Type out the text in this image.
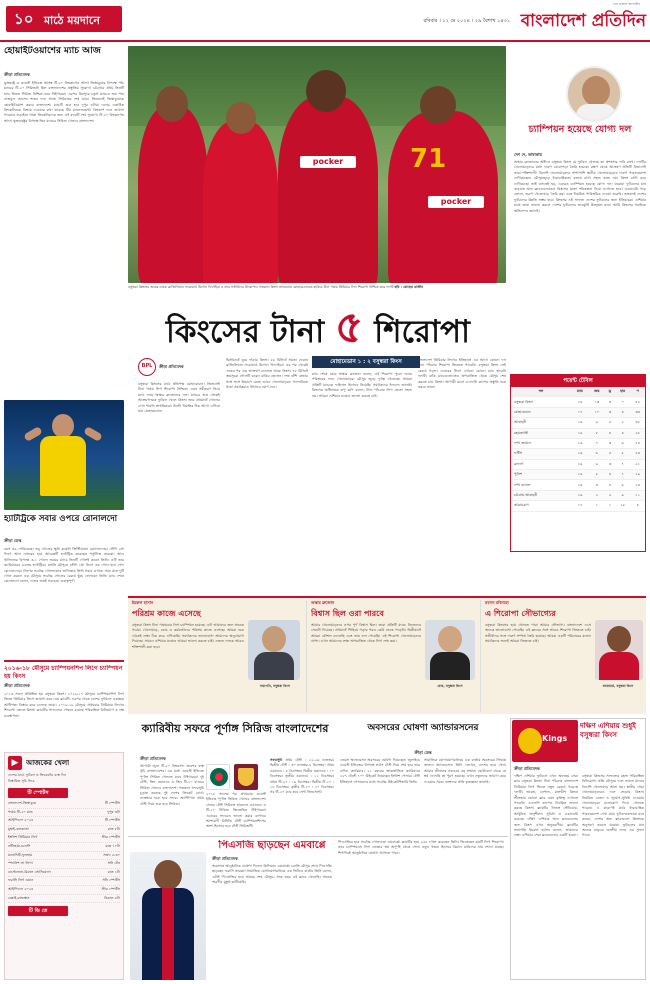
১০ মাঠে ময়দানে	রবিবার । ১২ মে ২০২৪ । ২৯ বৈশাখ ১৪৩১
সত্য প্রকাশে আপসহীন
বাংলাদেশ প্রতিদিন
হোয়াইটওয়াশের ম্যাচ আজ
ক্রীড়া প্রতিবেদক
যুক্তরাষ্ট্র ও ওয়েস্ট ইন্ডিজে আসন্ন টি-২০ বিশ্বকাপের আগে জিম্বাবুয়ের বিপক্ষে পাঁচ ম্যাচের টি-২০ সিরিজটা ছিল বাংলাদেশের প্রস্তুতির সুযোগ। চট্টগ্রামে প্রথম তিনটি ম্যাচ জিতে সিরিজ নিশ্চিত করে টাইগাররা। এরপর মিরপুরে চতুর্থ ম্যাচেও জয় পায় নাজমুল হোসেন শান্তর দল। আজ সিরিজের শেষ ম্যাচ। জিতলেই জিম্বাবুয়েকে হোয়াইটওয়াশ করবে বাংলাদেশ। ম্যাচটি শুরু হবে দুপুর ৩টায়। দলের একাধিক ক্রিকেটারকে বিশ্রাম দেওয়ার কথা ভাবছে টিম ম্যানেজমেন্ট। বিশ্বকাপ দলে জায়গা পাওয়ার লড়াইয়ে থাকা ক্রিকেটারদের জন্য এই ম্যাচটি শেষ সুযোগ। টি-২০ বিশ্বকাপের আগে যুক্তরাষ্ট্রের বিপক্ষে তিন ম্যাচের সিরিজ খেলবে বাংলাদেশ।
হ্যাটট্রিকে সবার ওপরে রোনালদো
ক্রীড়া ডেস্ক
বয়স ৩৯ পেরিয়েছে। তবু গোলের ক্ষুধা কমেনি ক্রিস্টিয়ানো রোনালদোর। সৌদি প্রো লিগে আল নাসরের হয়ে আরেকটি হ্যাটট্রিক করেছেন পর্তুগিজ তারকা। আল খালিজের বিপক্ষে ৩-১ গোলে জয়ের ম্যাচে তিনটি গোলই করেন তিনি। এটি তার ক্যারিয়ারের ৬৫তম হ্যাটট্রিক। চলতি মৌসুমে সৌদি প্রো লিগে ৩৩ গোল হয়ে গেল রোনালদোর। লিগের সর্বোচ্চ গোলদাতার তালিকায় তিনি সবার ওপরে। আর মাত্র দুটি গোল করলে এক মৌসুমে সর্বোচ্চ গোলের রেকর্ড ছুঁয়ে ফেলবেন তিনি। ম্যাচ শেষে রোনালদো বলেন, দলের জয়ই সবচেয়ে গুরুত্বপূর্ণ।
২০১৬-১৮ মৌসুমে চ্যাম্পিয়নশিপ লিগে চ্যাম্পিয়ন হয় কিংস
ক্রীড়া প্রতিবেদক
২০১৩ সালে প্রতিষ্ঠিত হয় বসুন্ধরা কিংস। ২০১৬-১৭ মৌসুমে চ্যাম্পিয়নশিপ লিগ জিতে প্রিমিয়ার লিগে জায়গা করে নেয় ক্লাবটি। এরপর থেকে দেশের ফুটবলে একচ্ছত্র আধিপত্য বিস্তার করে চলেছে তারা। ২০১৮-১৯ মৌসুমে প্রথমবার প্রিমিয়ার লিগের শিরোপা জেতে কিংস। ক্লাবটির সাফল্যের পেছনে রয়েছে পরিকল্পিত বিনিয়োগ ও দক্ষ ব্যবস্থাপনা।
▶	আজকের খেলা
দেশের মাঠে ফুটবল ও ক্রিকেটের ব্যস্ত দিন
বিস্তারিত সূচি নিচে
টি স্পোর্টস
বাংলাদেশ-জিম্বাবুয়ে	টি স্পোর্টস
পঞ্চম টি-২০ ম্যাচ	দুপুর ৩টা
আইপিএল ২০২৪	টি স্পোর্টস
মুম্বাই-কলকাতা	রাত ৮টা
ইংলিশ প্রিমিয়ার লিগ	স্টার স্পোর্টস
নটিংহাম-চেলসি	রাত ১০টা
ম্যানসিটি-ফুলহাম	সন্ধ্যা ৫-৩০
স্প্যানিশ লা লিগা	সনি টেন
বার্সেলোনা-রিয়াল সোসিয়েদাদ	রাত ১টা
ফরাসি লিগ ওয়ান	সনি স্পোর্টস
আইপিএল ২০২৪	স্টার স্পোর্টস
চেন্নাই-রাজস্থান	বিকাল ৪টা
টি ভি তে
pocker	71
pocker
বসুন্ধরা কিংসের জয়ের নায়ক ব্রাজিলিয়ান ফরোয়ার্ড মিগেল ফিগেইরা ও তার সতীর্থদের উদযাপন। গতকাল কিংস অ্যারেনায় মোহামেডানকে হারিয়ে টানা পঞ্চম প্রিমিয়ার লিগ শিরোপা নিশ্চিত করে দলটি ছবি : রোহেত রাজীব
কিংসের টানা ৫ শিরোপা
BPL	ক্রীড়া প্রতিবেদক
বসুন্ধরা কিংসের মাঠে প্রতিপক্ষ মোহামেডান। জিতলেই টানা পঞ্চম লিগ শিরোপা নিশ্চিত। এমন সমীকরণ নিয়ে মাঠে নামে অস্কার ব্রুজোনের দল। ম্যাচের শুরু থেকেই আক্রমণাত্মক ফুটবল খেলে কিংস। তবে প্রথমার্ধে গোলের দেখা পায়নি স্বাগতিকরা। উল্টো বিরতির ঠিক আগে এগিয়ে যায় মোহামেডান।
দ্বিতীয়ার্ধে ঘুরে দাঁড়ায় কিংস। ৫৬ মিনিটে সমতা ফেরান ব্রাজিলিয়ান ফরোয়ার্ড মিগেল ফিগেইরা। এর পর থেকেই একের পর এক আক্রমণ চালাতে থাকে কিংস। ৭৮ মিনিটে জয়সূচক গোলটি করেন রাকিব হোসেন। শেষ বাঁশি বাজার সঙ্গে সঙ্গে উল্লাসে মেতে ওঠেন খেলোয়াড়রা। গ্যালারিতে থাকা সমর্থকরাও উৎসবে যোগ দেন।
মোহামেডান ১ : ২ বসুন্ধরা কিংস
ম্যাচ শেষে কোচ অস্কার ব্রুজোন বলেন, এই শিরোপা পুরো দলের পরিশ্রমের ফল। খেলোয়াড়রা মৌসুম জুড়ে দুর্দান্ত খেলেছে। আমরা প্রতিটি ম্যাচকে ফাইনাল হিসেবে নিয়েছি। সমর্থকদের ধন্যবাদ জানাই। কিংসের অধিনায়ক তপু বর্মণ বলেন, টানা পাঁচবার লিগ জেতা সহজ নয়। আমরা এশিয়ার মঞ্চেও ভালো করতে চাই।
বাংলাদেশ প্রিমিয়ার লিগের ইতিহাসে এর আগে কোনো দল টানা পাঁচবার শিরোপা জিততে পারেনি। বসুন্ধরা কিংস সেই রেকর্ড গড়ল। এবারের লিগে এখনো কোনো ম্যাচ হারেনি দলটি। বাকি ম্যাচগুলোতেও অপরাজিত থেকে মৌসুম শেষ করতে চায় কিংস। আগামী মাসে এএফসি কাপের প্রস্তুতি শুরু করবে তারা।
চ্যাম্পিয়ন হয়েছে যোগ্য দল
দেশ দে, ভাষ্যকার
অস্কার ব্রুজোনের অধীনে বসুন্ধরা কিংস যে ফুটবল খেলছে তা প্রশংসার দাবি রাখে। দলটির খেলোয়াড়দের মধ্যে দারুণ বোঝাপড়া তৈরি হয়েছে। রক্ষণ থেকে আক্রমণ প্রতিটি বিভাগেই তারা শক্তিশালী। বিদেশি খেলোয়াড়দের পাশাপাশি স্থানীয় খেলোয়াড়রাও দারুণ পারফরম্যান্স দেখিয়েছেন। মৌসুমজুড়ে ধারাবাহিকতা বজায় রাখা সহজ কাজ নয়। কিংস সেটা করে দেখিয়েছে। তাই বলতেই হয়, এবারও চ্যাম্পিয়ন হয়েছে যোগ্য দল। ঘরোয়া ফুটবলের মান বাড়াতে অন্য ক্লাবগুলোকেও কিংসের মতো পরিকল্পনা নিয়ে এগোতে হবে। একাডেমি গড়ে তোলা, তরুণ খেলোয়াড় তৈরি করা এবং নিয়মিত পারিশ্রমিক দেওয়া জরুরি। তাহলেই দেশের ফুটবলের উন্নতি সম্ভব হবে। কিংসের এই সাফল্য দেশের ফুটবলের জন্য ইতিবাচক। এশিয়ার মঞ্চে তারা ভালো করলে দেশের ফুটবলের ভাবমূর্তি উজ্জ্বল হবে। আমি কিংসের সবাইকে অভিনন্দন জানাই।
পয়েন্ট টেবিল
দল	ম্যাচ	জয়	ড্র	হার	প
বসুন্ধরা কিংস	১৬	১৩	৩	০	৪২
মোহামেডান	১৭	১০	৩	৪	৩৩
আবাহনী	১৬	৯	৫	২	৩২
রহমতগঞ্জ	১৬	৮	৪	৪	২৮
শেখ জামাল	১৬	৭	৩	৬	২৪
ফর্টিস	১৬	৬	৫	৫	২৩
ব্রাদার্স	১৬	৬	৩	৭	২১
পুলিশ	১৬	৫	৪	৭	১৯
শেখ রাসেল	১৬	৩	৪	৯	১৩
চট্টগ্রাম আবাহনী	১৬	২	৫	৯	১১
আরামবাগ	১৭	১	১	১৫	৪
ইমরুল হাসান
পরিশ্রম কাজে এসেছে
বসুন্ধরা কিংস টানা পঞ্চমবার লিগ চ্যাম্পিয়ন হয়েছে। এটা আমাদের জন্য অনেক গর্বের। খেলোয়াড়, কোচ ও কর্মকর্তাদের পরিশ্রম কাজে এসেছে। আমরা শুরু থেকেই লক্ষ্য ঠিক করে এগিয়েছি। সমর্থকদের ভালোবাসা আমাদের অনুপ্রেরণা দিয়েছে। সামনে এশিয়ার মঞ্চেও আমরা ভালো করতে চাই। এজন্য দলকে আরও শক্তিশালী করা হবে।
সভাপতি, বসুন্ধরা কিংস
অস্কার ব্রুজোন
বিশ্বাস ছিল ওরা পারবে
আমার খেলোয়াড়দের ওপর পূর্ণ বিশ্বাস ছিল। তারা প্রতিটি ম্যাচে নিজেদের সেরাটা দিয়েছে। প্রথমার্ধে পিছিয়ে পড়ার পরও কেউ ভেঙে পড়েনি। দ্বিতীয়ার্ধে আমরা কৌশল বদলেছি এবং তার ফল পেয়েছি। এই শিরোপা খেলোয়াড়দের প্রাপ্য। এখন আমাদের লক্ষ্য অপরাজিত থেকে লিগ শেষ করা।
কোচ, বসুন্ধরা কিংস
রবসন রবিনহো
এ শিরোপা সৌভাগ্যের
বসুন্ধরা কিংসের হয়ে খেলতে পারা আমার সৌভাগ্য। বাংলাদেশে এসে অনেক ভালোবাসা পেয়েছি। এই ক্লাবের সঙ্গে আরও শিরোপা জিততে চাই। সতীর্থদের সঙ্গে দারুণ সম্পর্ক তৈরি হয়েছে। আমরা একটি পরিবারের মতো। সমর্থকদের জন্যই আমরা জিততে চাই।
ফরোয়ার্ড, বসুন্ধরা কিংস
ক্যারিবীয় সফরে পূর্ণাঙ্গ সিরিজ বাংলাদেশের
ক্রীড়া প্রতিবেদক
আগামী জুনে টি-২০ বিশ্বকাপ। তারপর ব্যস্ত সূচি বাংলাদেশের। এর মধ্যে ওয়েস্ট ইন্ডিজে পূর্ণাঙ্গ সিরিজ খেলতে যাবে টাইগাররা। দুই টেস্ট, তিন ওয়ানডে ও তিন টি-২০ ম্যাচের সিরিজ খেলবে বাংলাদেশ। গতকাল সফরসূচি চূড়ান্ত করেছে দুই দেশের ক্রিকেট বোর্ড। নভেম্বরে শুরু হবে সফর। অ্যান্টিগায় প্রথম টেস্ট দিয়ে শুরু হবে সিরিজ।
২০১৮ সালের পর প্রথমবার ওয়েস্ট ইন্ডিজে পূর্ণাঙ্গ সিরিজ খেলবে বাংলাদেশ। সেবার টেস্ট সিরিজে হারলেও ওয়ানডে ও টি-২০ সিরিজ জিতেছিল টাইগাররা। এবারের সফরেও ভালো করার ব্যাপারে আশাবাদী বিসিবি। টেস্ট চ্যাম্পিয়নশিপের অংশ হিসেবে হবে টেস্ট সিরিজটি।
সফরসূচি প্রথম টেস্ট : ২২-২৬ নভেম্বর। দ্বিতীয় টেস্ট : ৩০ নভেম্বর-৪ ডিসেম্বর। প্রথম ওয়ানডে : ৮ ডিসেম্বর। দ্বিতীয় ওয়ানডে : ১০ ডিসেম্বর। তৃতীয় ওয়ানডে : ১২ ডিসেম্বর। প্রথম টি-২০ : ১৬ ডিসেম্বর। দ্বিতীয় টি-২০ : ১৮ ডিসেম্বর। তৃতীয় টি-২০ : ২০ ডিসেম্বর। সব টি-২০ ম্যাচ হবে সেন্ট ভিনসেন্টে।
অবসরের ঘোষণা অ্যান্ডারসনের
ক্রীড়া ডেস্ক
জেমস অ্যান্ডারসন অবসরের ঘোষণা দিয়েছেন। জুলাইয়ে ওয়েস্ট ইন্ডিজের বিপক্ষে লর্ডস টেস্ট দিয়ে শেষ হবে তার বর্ণাঢ্য ক্যারিয়ার। ২১ বছরের আন্তর্জাতিক ক্যারিয়ারে ১৮৭ টেস্টে ৭০০ উইকেট নিয়েছেন ইংলিশ পেসার। টেস্ট ইতিহাসে পেসারদের মধ্যে সর্বোচ্চ উইকেটশিকারি তিনি।
সামাজিক যোগাযোগমাধ্যমে এক বার্তায় অবসরের সিদ্ধান্ত জানান অ্যান্ডারসন। তিনি লেখেন, দেশের হয়ে খেলা আমার জীবনের সবচেয়ে বড় সম্মান। ছোটবেলা থেকে যে স্বপ্ন দেখেছি তা পূরণ হয়েছে। এখন নতুনদের জায়গা করে দেওয়ার সময়। ভক্তদের প্রতি কৃতজ্ঞতা জানাই।
পিএসজি ছাড়ছেন এমবাপ্পে
ক্রীড়া প্রতিবেদক
অবশেষে আনুষ্ঠানিক ঘোষণা দিলেন কিলিয়ান এমবাপ্পে। চলতি মৌসুম শেষে পিএসজি ছাড়ছেন ফরাসি তারকা। সামাজিক যোগাযোগমাধ্যমে এক ভিডিও বার্তায় তিনি বলেন, এটাই পিএসজির হয়ে আমার শেষ মৌসুম। সাত বছর এই ক্লাবে খেলেছি। অনেক স্মরণীয় মুহূর্ত কাটিয়েছি।
পিএসজির হয়ে সর্বোচ্চ গোলদাতা এমবাপ্পে। ক্লাবটির হয়ে ২৫৫ গোল করেছেন তিনি। জিতেছেন ছয়টি লিগ শিরোপা। তবে চ্যাম্পিয়নস লিগ জেতার স্বপ্ন অপূর্ণই থেকে গেল। নতুন গন্তব্য হিসেবে রিয়াল মাদ্রিদের নাম শোনা যাচ্ছে। শিগগিরই আনুষ্ঠানিক ঘোষণা আসতে পারে।
Kings
দক্ষিণ এশিয়ায় শুধুই বসুন্ধরা কিংস
ক্রীড়া প্রতিবেদক
দক্ষিণ এশিয়ার ফুটবলে এখন অন্যতম সেরা ক্লাব বসুন্ধরা কিংস। টানা পাঁচবার বাংলাদেশ প্রিমিয়ার লিগ জিতে নতুন রেকর্ড গড়েছে দলটি। ভারত, নেপাল, মালদ্বীপ কিংবা শ্রীলঙ্কার কোনো ক্লাব এমন কৃতিত্ব দেখাতে পারেনি। এএফসি কাপেও নিয়মিত ভালো করছে কিংস। ক্লাবটির নিজস্ব স্টেডিয়াম, আধুনিক অনুশীলন সুবিধা ও একাডেমি রয়েছে। দক্ষিণ এশিয়ার অন্য ক্লাবগুলোর জন্য কিংস এখন অনুকরণীয়। ক্লাবটির সভাপতি ইমরুল হাসান বলেন, আমাদের লক্ষ্য এশিয়ার সেরা ক্লাবগুলোর একটি হওয়া।
বসুন্ধরা কিংসের সাফল্যের রহস্য পরিকল্পিত বিনিয়োগ। প্রতি মৌসুমে দলে ভালো মানের বিদেশি খেলোয়াড় আনা হয়। স্থানীয় সেরা খেলোয়াড়দেরও দলে ভেড়ায় কিংস। নিয়মিত বেতন ও সুযোগ-সুবিধা দেওয়ায় খেলোয়াড়রা মনোযোগ দিয়ে খেলতে পারেন। এ কারণেই মাঠে ধারাবাহিক পারফরম্যান্স দেখা যায়। ফুটবলবোদ্ধারা মনে করেন, দেশের অন্য ক্লাবগুলো কিংসকে অনুসরণ করলে ঘরোয়া ফুটবলের মান অনেক বাড়বে। জাতীয় দলও এর সুফল পাবে।
